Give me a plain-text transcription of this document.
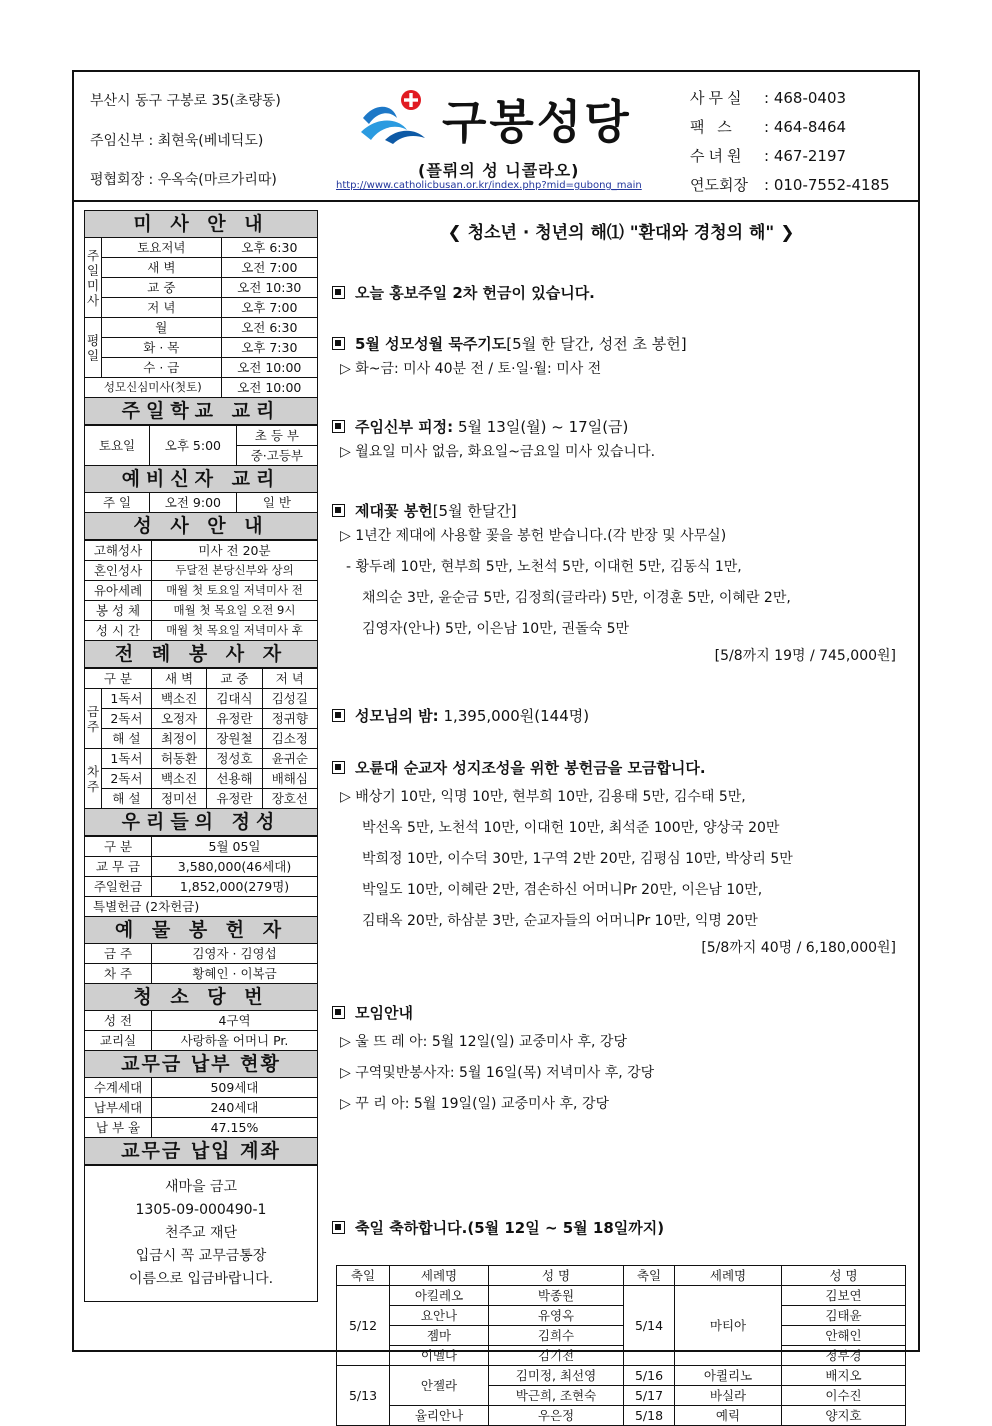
부산시 동구 구봉로 35(초량동)
주임신부 : 최현욱(베네딕도)
평협회장 : 우옥숙(마르가리따)
구봉성당
(플뤼의 성 니콜라오)
http://www.catholicbusan.or.kr/index.php?mid=gubong_main
사무실 : 468-0403
팩 스 : 464-8464
수녀원 : 467-2197
연도회장 : 010-7552-4185
미 사 안 내		
주일미사	토요저녁	오후 6:30
	새 벽	오전 7:00
	교 중	오전 10:30
	저 녁	오후 7:00
평일	월	오전 6:30
	화 · 목	오후 7:30
	수 · 금	오전 10:00
성모신심미사(첫토)		오전 10:00
주일학교 교리		
토요일	오후 5:00	초 등 부
		중·고등부
예비신자 교리		
주 일	오전 9:00	일 반
성 사 안 내		
고해성사	미사 전 20분
혼인성사	두달전 본당신부와 상의
유아세례	매월 첫 토요일 저녁미사 전
봉 성 체	매월 첫 목요일 오전 9시
성 시 간	매월 첫 목요일 저녁미사 후
전 례 봉 사 자	
구 분		새 벽	교 중	저 녁
금주	1독서	백소진	김대식	김성길
	2독서	오정자	유정란	정귀향
	해 설	최정이	장원철	김소정
차주	1독서	허동환	정성호	윤귀순
	2독서	백소진	선용해	배해심
	해 설	정미선	유정란	장호선
우리들의 정성				
구 분	5월 05일
교 무 금	3,580,000(46세대)
주일헌금	1,852,000(279명)
특별헌금 (2차헌금)	
예 물 봉 헌 자	
금 주	김영자 · 김영섭
차 주	황혜인 · 이복금
청 소 당 번	
성 전	4구역
교리실	사랑하올 어머니 Pr.
교무금 납부 현황	
수계세대	509세대
납부세대	240세대
납 부 율	47.15%
교무금 납입 계좌	
새마을 금고
1305-09-000490-1
천주교 재단
입금시 꼭 교무금통장
이름으로 입금바랍니다.
❮ 청소년 · 청년의 해⑴ "환대와 경청의 해" ❯
오늘 홍보주일 2차 헌금이 있습니다.
5월 성모성월 묵주기도[5월 한 달간, 성전 초 봉헌]
▷ 화~금: 미사 40분 전 / 토·일·월: 미사 전
주임신부 피정: 5월 13일(월) ~ 17일(금)
▷ 월요일 미사 없음, 화요일~금요일 미사 있습니다.
제대꽃 봉헌[5월 한달간]
▷ 1년간 제대에 사용할 꽃을 봉헌 받습니다.(각 반장 및 사무실)
- 황두례 10만, 현부희 5만, 노천석 5만, 이대헌 5만, 김동식 1만,
채의순 3만, 윤순금 5만, 김정희(글라라) 5만, 이경훈 5만, 이혜란 2만,
김영자(안나) 5만, 이은남 10만, 권돌숙 5만
[5/8까지 19명 / 745,000원]
성모님의 밤: 1,395,000원(144명)
오륜대 순교자 성지조성을 위한 봉헌금을 모금합니다.
▷ 배상기 10만, 익명 10만, 현부희 10만, 김용태 5만, 김수태 5만,
박선옥 5만, 노천석 10만, 이대헌 10만, 최석준 100만, 양상국 20만
박희정 10만, 이수덕 30만, 1구역 2반 20만, 김평심 10만, 박상리 5만
박일도 10만, 이혜란 2만, 겸손하신 어머니Pr 20만, 이은남 10만,
김태옥 20만, 하삼분 3만, 순교자들의 어머니Pr 10만, 익명 20만
[5/8까지 40명 / 6,180,000원]
모임안내
▷ 울 뜨 레 아: 5월 12일(일) 교중미사 후, 강당
▷ 구역및반봉사자: 5월 16일(목) 저녁미사 후, 강당
▷ 꾸 리 아: 5월 19일(일) 교중미사 후, 강당
축일 축하합니다.(5월 12일 ~ 5월 18일까지)
축일	세례명	성 명	축일	세례명	성 명
5/12	아킬레오	박종원	5/14	마티아	김보연
	요안나	유영옥			김태윤
	젬마	김희수			안해인
	이멜다	김기전			정부경
5/13	안젤라	김미정, 최선영	5/16	아퀼리노	배지오
		박근희, 조현숙	5/17	바실라	이수진
	율리안나	우은정	5/18	예릭	양지호
